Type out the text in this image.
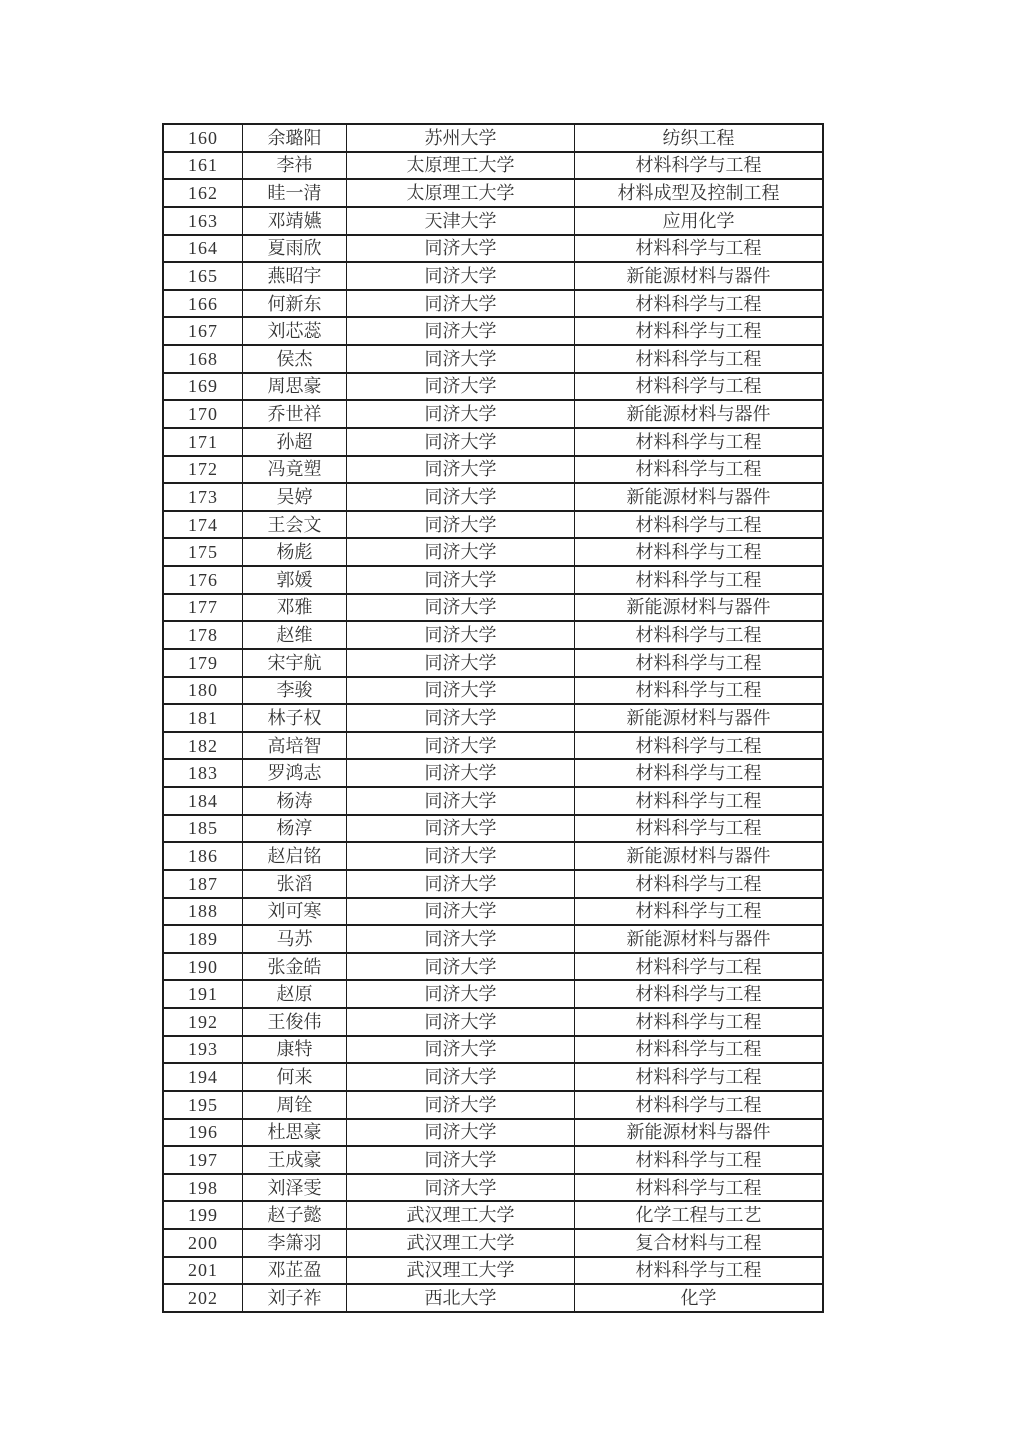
160	余璐阳	苏州大学	纺织工程
161	李祎	太原理工大学	材料科学与工程
162	眭一清	太原理工大学	材料成型及控制工程
163	邓靖嬿	天津大学	应用化学
164	夏雨欣	同济大学	材料科学与工程
165	燕昭宇	同济大学	新能源材料与器件
166	何新东	同济大学	材料科学与工程
167	刘芯蕊	同济大学	材料科学与工程
168	侯杰	同济大学	材料科学与工程
169	周思豪	同济大学	材料科学与工程
170	乔世祥	同济大学	新能源材料与器件
171	孙超	同济大学	材料科学与工程
172	冯竟塑	同济大学	材料科学与工程
173	吴婷	同济大学	新能源材料与器件
174	王会文	同济大学	材料科学与工程
175	杨彪	同济大学	材料科学与工程
176	郭媛	同济大学	材料科学与工程
177	邓雅	同济大学	新能源材料与器件
178	赵维	同济大学	材料科学与工程
179	宋宇航	同济大学	材料科学与工程
180	李骏	同济大学	材料科学与工程
181	林子权	同济大学	新能源材料与器件
182	高培智	同济大学	材料科学与工程
183	罗鸿志	同济大学	材料科学与工程
184	杨涛	同济大学	材料科学与工程
185	杨淳	同济大学	材料科学与工程
186	赵启铭	同济大学	新能源材料与器件
187	张滔	同济大学	材料科学与工程
188	刘可寒	同济大学	材料科学与工程
189	马苏	同济大学	新能源材料与器件
190	张金皓	同济大学	材料科学与工程
191	赵原	同济大学	材料科学与工程
192	王俊伟	同济大学	材料科学与工程
193	康特	同济大学	材料科学与工程
194	何来	同济大学	材料科学与工程
195	周铨	同济大学	材料科学与工程
196	杜思豪	同济大学	新能源材料与器件
197	王成豪	同济大学	材料科学与工程
198	刘泽雯	同济大学	材料科学与工程
199	赵子懿	武汉理工大学	化学工程与工艺
200	李箫羽	武汉理工大学	复合材料与工程
201	邓芷盈	武汉理工大学	材料科学与工程
202	刘子祚	西北大学	化学
